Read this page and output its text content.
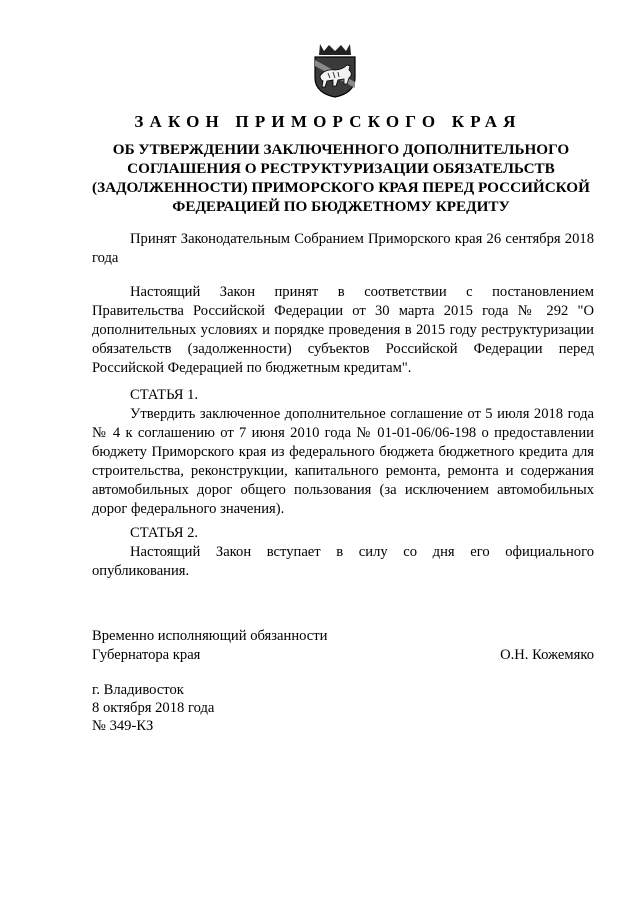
ЗАКОН ПРИМОРСКОГО КРАЯ
ОБ УТВЕРЖДЕНИИ ЗАКЛЮЧЕННОГО ДОПОЛНИТЕЛЬНОГО
СОГЛАШЕНИЯ О РЕСТРУКТУРИЗАЦИИ ОБЯЗАТЕЛЬСТВ
(ЗАДОЛЖЕННОСТИ) ПРИМОРСКОГО КРАЯ ПЕРЕД РОССИЙСКОЙ
ФЕДЕРАЦИЕЙ ПО БЮДЖЕТНОМУ КРЕДИТУ
Принят Законодательным Собранием Приморского края 26 сентября 2018 года
Настоящий Закон принят в соответствии с постановлением Правительства Российской Федерации от 30 марта 2015 года № 292 "О дополнительных условиях и порядке проведения в 2015 году реструктуризации обязательств (задолженности) субъектов Российской Федерации перед Российской Федерацией по бюджетным кредитам".
СТАТЬЯ 1.
Утвердить заключенное дополнительное соглашение от 5 июля 2018 года № 4 к соглашению от 7 июня 2010 года № 01-01-06/06-198 о предоставлении бюджету Приморского края из федерального бюджета бюджетного кредита для строительства, реконструкции, капитального ремонта, ремонта и содержания автомобильных дорог общего пользования (за исключением автомобильных дорог федерального значения).
СТАТЬЯ 2.
Настоящий Закон вступает в силу со дня его официального опубликования.
Временно исполняющий обязанности
Губернатора края	О.Н. Кожемяко
г. Владивосток
8 октября 2018 года
№ 349-КЗ
